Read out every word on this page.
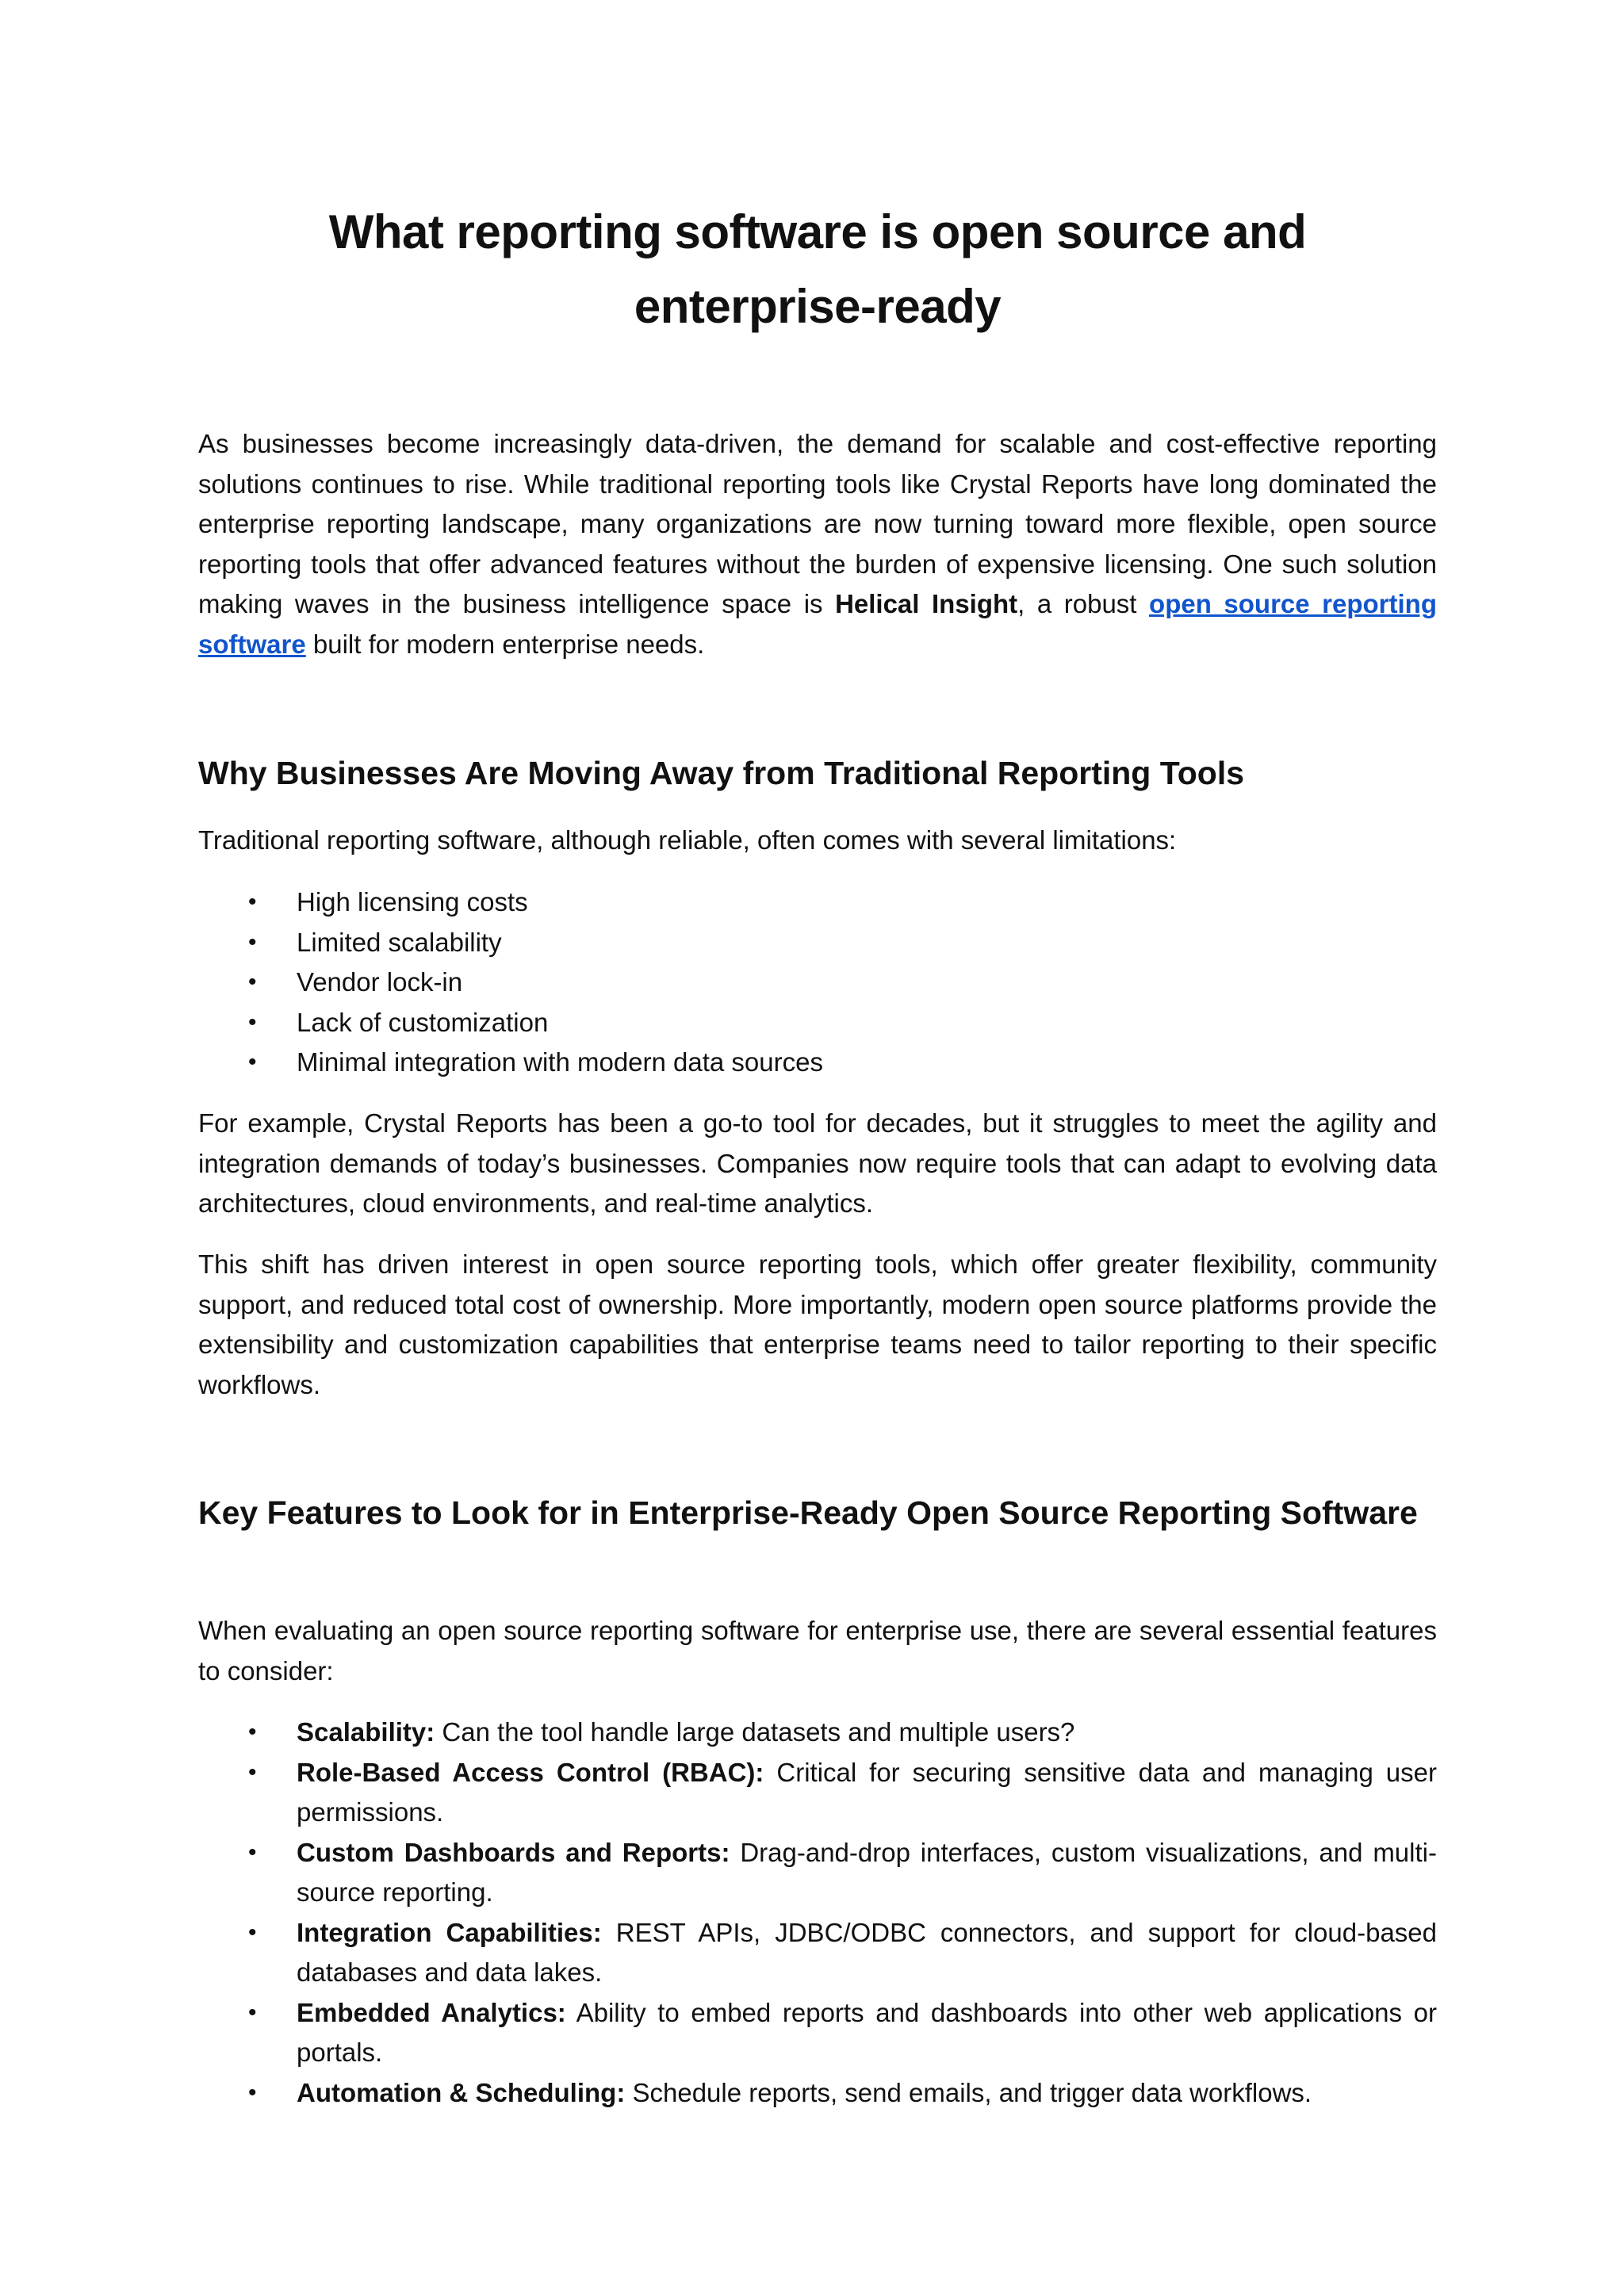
What reporting software is open source and
enterprise-ready

As businesses become increasingly data-driven, the demand for scalable and cost-effective reporting solutions continues to rise. While traditional reporting tools like Crystal Reports have long dominated the enterprise reporting landscape, many organizations are now turning toward more flexible, open source reporting tools that offer advanced features without the burden of expensive licensing. One such solution making waves in the business intelligence space is Helical Insight, a robust open source reporting software built for modern enterprise needs.

Why Businesses Are Moving Away from Traditional Reporting Tools

Traditional reporting software, although reliable, often comes with several limitations:

• High licensing costs
• Limited scalability
• Vendor lock-in
• Lack of customization
• Minimal integration with modern data sources

For example, Crystal Reports has been a go-to tool for decades, but it struggles to meet the agility and integration demands of today’s businesses. Companies now require tools that can adapt to evolving data architectures, cloud environments, and real-time analytics.

This shift has driven interest in open source reporting tools, which offer greater flexibility, community support, and reduced total cost of ownership. More importantly, modern open source platforms provide the extensibility and customization capabilities that enterprise teams need to tailor reporting to their specific workflows.

Key Features to Look for in Enterprise-Ready Open Source Reporting Software

When evaluating an open source reporting software for enterprise use, there are several essential features to consider:

• Scalability: Can the tool handle large datasets and multiple users?
• Role-Based Access Control (RBAC): Critical for securing sensitive data and managing user permissions.
• Custom Dashboards and Reports: Drag-and-drop interfaces, custom visualizations, and multi-source reporting.
• Integration Capabilities: REST APIs, JDBC/ODBC connectors, and support for cloud-based databases and data lakes.
• Embedded Analytics: Ability to embed reports and dashboards into other web applications or portals.
• Automation & Scheduling: Schedule reports, send emails, and trigger data workflows.
